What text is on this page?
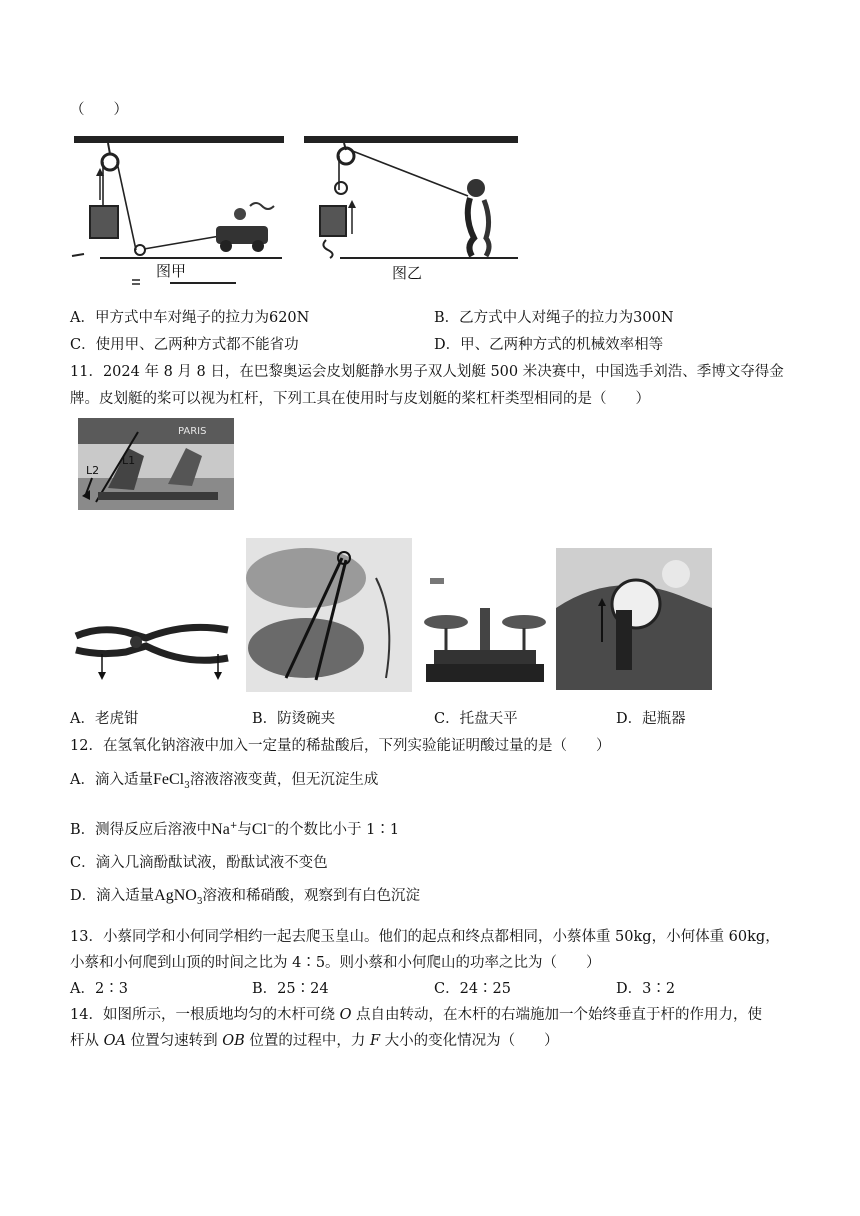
（　　）
图甲	图乙
A．甲方式中车对绳子的拉力为620N	B．乙方式中人对绳子的拉力为300N
C．使用甲、乙两种方式都不能省功	D．甲、乙两种方式的机械效率相等
11．2024 年 8 月 8 日，在巴黎奥运会皮划艇静水男子双人划艇 500 米决赛中，中国选手刘浩、季博文夺得金
牌。皮划艇的桨可以视为杠杆，下列工具在使用时与皮划艇的桨杠杆类型相同的是（　　）
PARIS
L2
L1
A．老虎钳	B．防烫碗夹	C．托盘天平	D．起瓶器
12．在氢氧化钠溶液中加入一定量的稀盐酸后，下列实验能证明酸过量的是（　　）
A．滴入适量FeCl$_3$溶液溶液变黄，但无沉淀生成
B．测得反应后溶液中Na+与Cl−的个数比小于 1∶1
C．滴入几滴酚酞试液，酚酞试液不变色
D．滴入适量AgNO$_3$溶液和稀硝酸，观察到有白色沉淀
13．小蔡同学和小何同学相约一起去爬玉皇山。他们的起点和终点都相同，小蔡体重 50kg，小何体重 60kg，
小蔡和小何爬到山顶的时间之比为 4∶5。则小蔡和小何爬山的功率之比为（　　）
A．2∶3	B．25∶24	C．24∶25	D．3∶2
14．如图所示，一根质地均匀的木杆可绕 O 点自由转动，在木杆的右端施加一个始终垂直于杆的作用力，使
杆从 OA 位置匀速转到 OB 位置的过程中，力 F 大小的变化情况为（　　）
